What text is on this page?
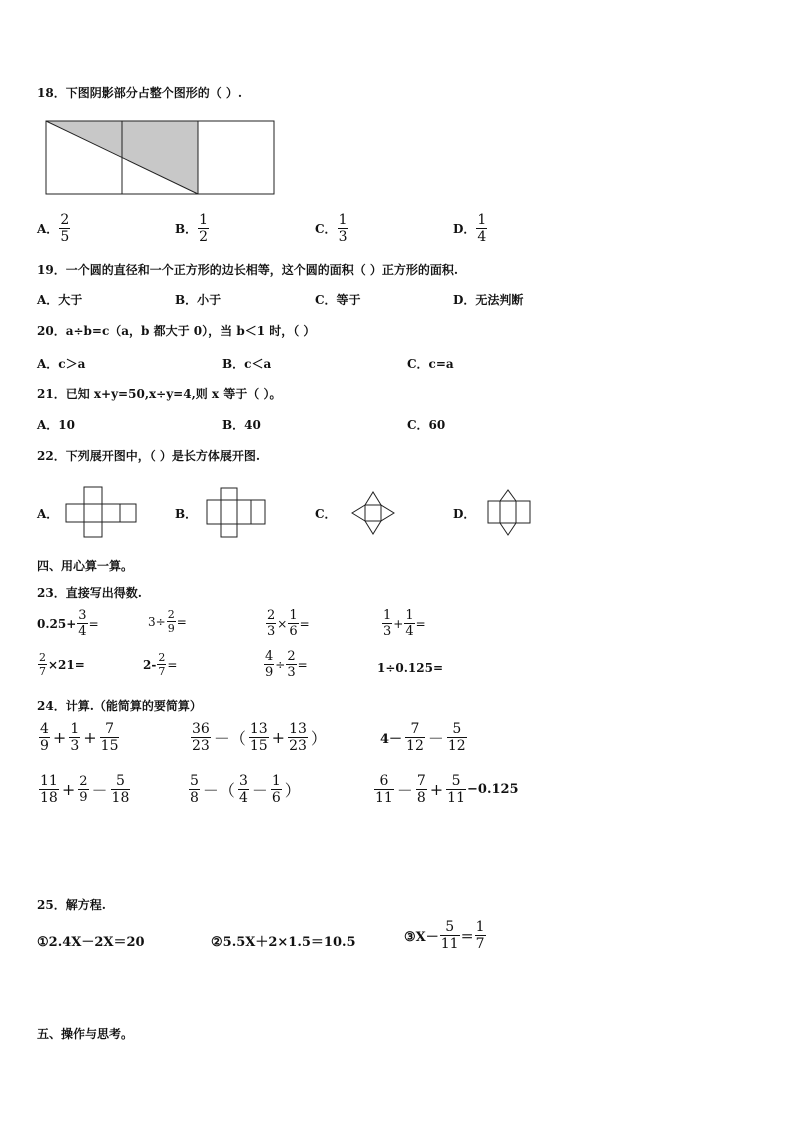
18．下图阴影部分占整个图形的（ ）.
A． $\frac{2}{5}$	B． $\frac{1}{2}$	C． $\frac{1}{3}$	D． $\frac{1}{4}$
19．一个圆的直径和一个正方形的边长相等，这个圆的面积（ ）正方形的面积.
A．大于	B．小于	C．等于	D．无法判断
20．a÷b=c（a，b 都大于 0），当 b＜1 时，（ ）
A．c＞a	B．c＜a	C．c=a
21．已知 x+y=50,x÷y=4,则 x 等于（ ）。
A．10	B．40	C．60
22．下列展开图中，（ ）是长方体展开图.
A．	B．	C．	D．
四、用心算一算。
23．直接写出得数.
$0.25+ \frac{3}{4}$ =	$3\div \frac{2}{9}$ =	$\frac{2}{3} \times \frac{1}{6}$ =	$\frac{1}{3} + \frac{1}{4}$ =
$\frac{2}{7} \times 21=$	$2- \frac{2}{7}$ =	$\frac{4}{9} \div \frac{2}{3}$ =	1÷0.125=
24．计算.（能简算的要简算）
$\frac{4}{9} + \frac{1}{3} + \frac{7}{15}$	$\frac{36}{23}$ －（ $\frac{13}{15} + \frac{13}{23}$ ）	$4- \frac{7}{12} - \frac{5}{12}$
$\frac{11}{18} + \frac{2}{9} - \frac{5}{18}$	$\frac{5}{8}$ －（ $\frac{3}{4} - \frac{1}{6}$ ）	$\frac{6}{11} - \frac{7}{8} + \frac{5}{11} -0.125$
25．解方程.
①2.4X－2X＝20	②5.5X＋2×1.5＝10.5	③X－ $\frac{5}{11} = \frac{1}{7}$
五、操作与思考。
